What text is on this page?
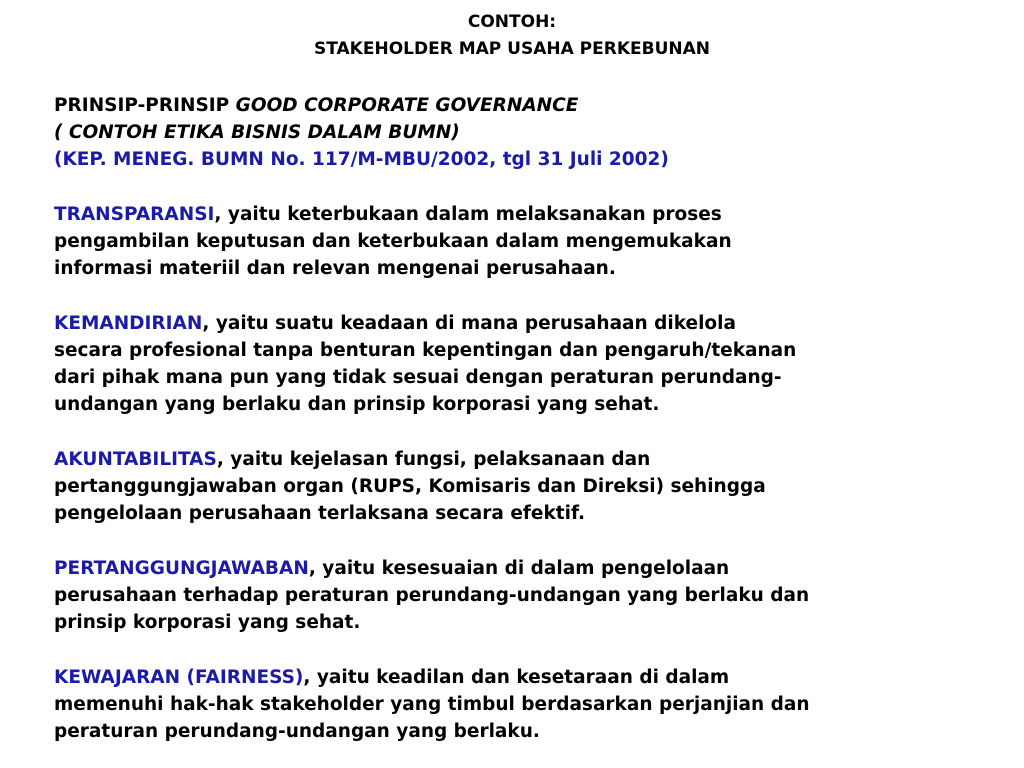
CONTOH:
STAKEHOLDER MAP USAHA PERKEBUNAN
PRINSIP-PRINSIP GOOD CORPORATE GOVERNANCE
( CONTOH ETIKA BISNIS DALAM BUMN)
(KEP. MENEG. BUMN No. 117/M-MBU/2002, tgl 31 Juli 2002)
TRANSPARANSI, yaitu keterbukaan dalam melaksanakan proses
pengambilan keputusan dan keterbukaan dalam mengemukakan
informasi materiil dan relevan mengenai perusahaan.
KEMANDIRIAN, yaitu suatu keadaan di mana perusahaan dikelola
secara profesional tanpa benturan kepentingan dan pengaruh/tekanan
dari pihak mana pun yang tidak sesuai dengan peraturan perundang-
undangan yang berlaku dan prinsip korporasi yang sehat.
AKUNTABILITAS, yaitu kejelasan fungsi, pelaksanaan dan
pertanggungjawaban organ (RUPS, Komisaris dan Direksi) sehingga
pengelolaan perusahaan terlaksana secara efektif.
PERTANGGUNGJAWABAN, yaitu kesesuaian di dalam pengelolaan
perusahaan terhadap peraturan perundang-undangan yang berlaku dan
prinsip korporasi yang sehat.
KEWAJARAN (FAIRNESS), yaitu keadilan dan kesetaraan di dalam
memenuhi hak-hak stakeholder yang timbul berdasarkan perjanjian dan
peraturan perundang-undangan yang berlaku.
